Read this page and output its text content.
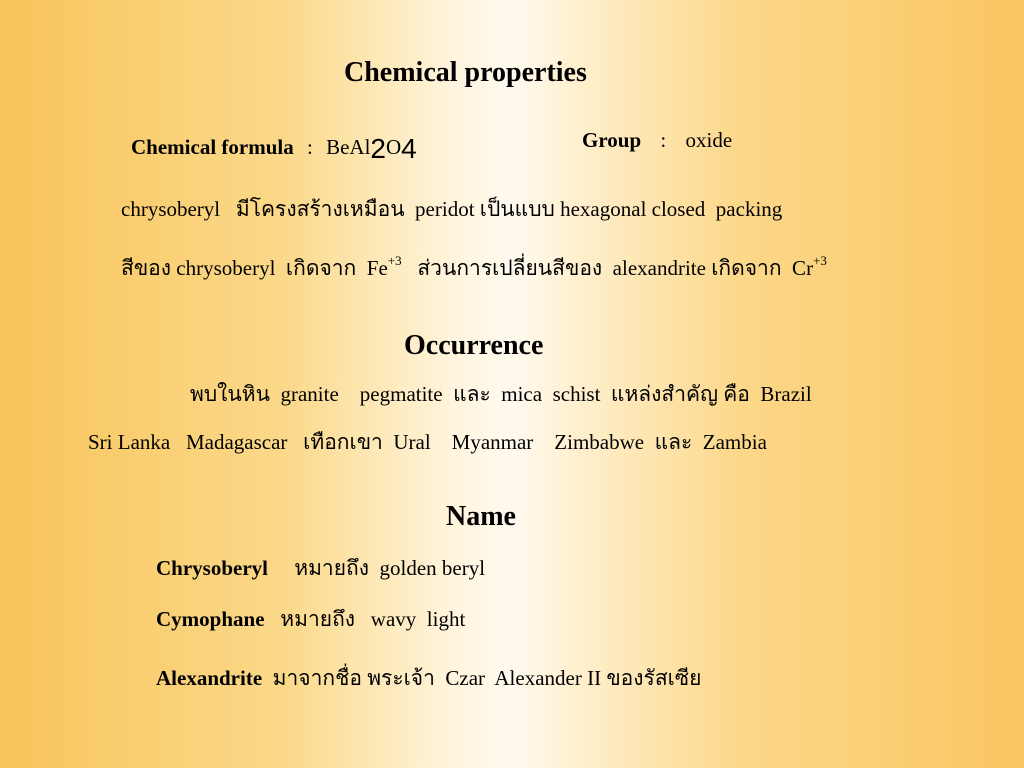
Chemical properties
Chemical formula : BeAl2O4	Group : oxide
chrysoberyl   มีโครงสร้างเหมือน  peridot เป็นแบบ hexagonal closed  packing
สีของ chrysoberyl  เกิดจาก  $Fe^{+3}$   ส่วนการเปลี่ยนสีของ  alexandrite เกิดจาก  $Cr^{+3}$
Occurrence
พบในหิน  granite    pegmatite  และ  mica  schist  แหล่งสำคัญ คือ  Brazil
Sri Lanka   Madagascar   เทือกเขา  Ural    Myanmar    Zimbabwe  และ  Zambia
Name
Chrysoberyl     หมายถึง  golden beryl
Cymophane   หมายถึง   wavy  light
Alexandrite  มาจากชื่อ พระเจ้า  Czar  Alexander II ของรัสเซีย
